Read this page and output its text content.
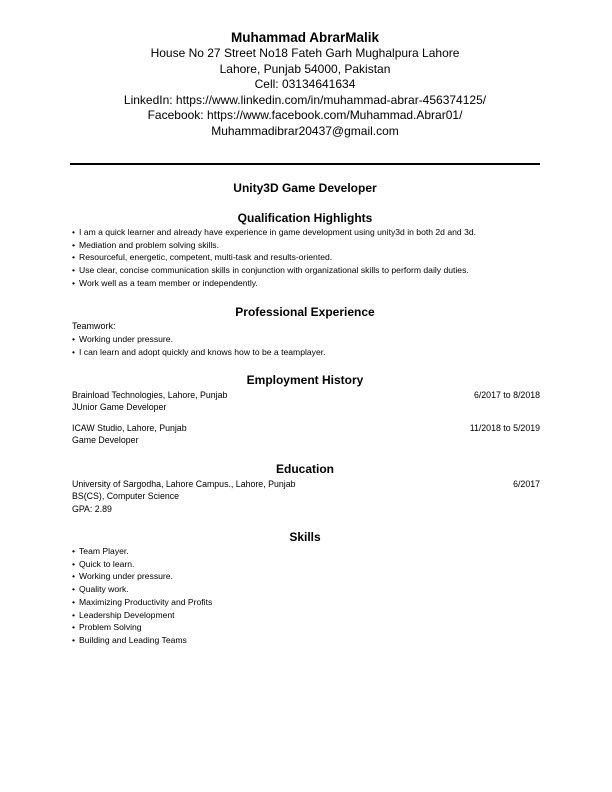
Muhammad AbrarMalik

House No 27 Street No18 Fateh Garh Mughalpura Lahore

Lahore, Punjab 54000, Pakistan

Cell: 03134641634

LinkedIn: https://www.linkedin.com/in/muhammad-abrar-456374125/

Facebook: https://www.facebook.com/Muhammad.Abrar01/

Muhammadibrar20437@gmail.com

Unity3D Game Developer

Qualification Highlights

• I am a quick learner and already have experience in game development using unity3d in both 2d and 3d.
• Mediation and problem solving skills.
• Resourceful, energetic, competent, multi-task and results-oriented.
• Use clear, concise communication skills in conjunction with organizational skills to perform daily duties.
• Work well as a team member or independently.

Professional Experience

Teamwork:

• Working under pressure.
• I can learn and adopt quickly and knows how to be a teamplayer.

Employment History

Brainload Technologies, Lahore, Punjab	6/2017 to 8/2018
JUnior Game Developer
ICAW Studio, Lahore, Punjab	11/2018 to 5/2019
Game Developer

Education

University of Sargodha, Lahore Campus., Lahore, Punjab	6/2017
BS(CS), Computer Science
GPA: 2.89

Skills

• Team Player.
• Quick to learn.
• Working under pressure.
• Quality work.
• Maximizing Productivity and Profits
• Leadership Development
• Problem Solving
• Building and Leading Teams
